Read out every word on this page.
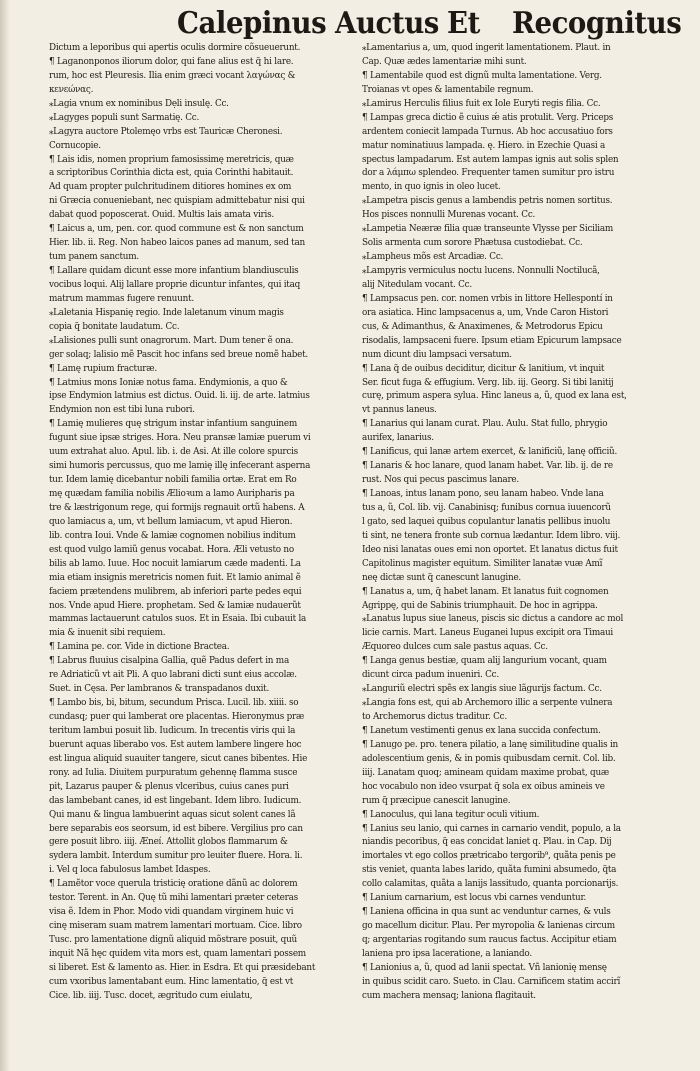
Calepinus Auctus Et Recognitus
Dictum a leporibus qui apertis oculis dormire cõsueuerunt.
¶ Laganonponos iliorum dolor, qui fane alius est q̃ hi lare.
rum, hoc est Pleuresis. Ilia enim græci vocant λαγώνας &
κενεώνας.
⁎Lagia vnum ex nominibus Dẹli insulę. Cc.
⁎Lagyges populi sunt Sarmatię. Cc.
⁎Lagyra auctore Ptolemęo vrbs est Tauricæ Cheronesi.
Cornucopie.
¶ Lais idis, nomen proprium famosissimę meretricis, quæ
a scriptoribus Corinthia dicta est, quia Corinthi habitauit.
Ad quam propter pulchritudinem ditiores homines ex om
ni Græcia conueniebant, nec quispiam admittebatur nisi qui
dabat quod poposcerat. Ouid. Multis lais amata viris.
¶ Laicus a, um, pen. cor. quod commune est & non sanctum
Hier. lib. ii. Reg. Non habeo laicos panes ad manum, sed tan
tum panem sanctum.
¶ Lallare quidam dicunt esse more infantium blandiusculis
vocibus loqui. Alij lallare proprie dicuntur infantes, qui itaq
matrum mammas fugere renuunt.
⁎Laletania Hispanię regio. Inde laletanum vinum magis
copia q̃ bonitate laudatum. Cc.
⁎Lalisiones pulli sunt onagrorum. Mart. Dum tener ẽ ona.
ger solaq; lalisio mẽ Pascit hoc infans sed breue nomẽ habet.
¶ Lamę rupium fracturæ.
¶ Latmius mons Ioniæ notus fama. Endymionis, a quo &
ipse Endymion latmius est dictus. Ouid. li. iij. de arte. latmius
Endymion non est tibi luna rubori.
¶ Lamię mulieres quę strigum instar infantium sanguinem
fugunt siue ipsæ striges. Hora. Neu pransæ lamiæ puerum vi
uum extrahat aluo. Apul. lib. i. de Asi. At ille colore spurcis
simi humoris percussus, quo me lamię illę infecerant asperna
tur. Idem lamię dicebantur nobili familia ortæ. Erat em Ro
mę quædam familia nobilis Ælioꝛum a lamo Auripharis pa
tre & læstrigonum rege, qui formijs regnauit ortũ habens. A
quo lamiacus a, um, vt bellum lamiacum, vt apud Hieron.
lib. contra Ioui. Vnde & lamiæ cognomen nobilius inditum
est quod vulgo lamiũ genus vocabat. Hora. Æli vetusto no
bilis ab lamo. Iuue. Hoc nocuit lamiarum cæde madenti. La
mia etiam insignis meretricis nomen fuit. Et lamio animal ẽ
faciem prætendens mulibrem, ab inferiori parte pedes equi
nos. Vnde apud Hiere. prophetam. Sed & lamiæ nudauerũt
mammas lactauerunt catulos suos. Et in Esaia. Ibi cubauit la
mia & inuenit sibi requiem.
¶ Lamina pe. cor. Vide in dictione Bractea.
¶ Labrus fluuius cisalpina Gallia, quẽ Padus defert in ma
re Adriaticũ vt ait Pli. A quo labrani dicti sunt eius accolæ.
Suet. in Cęsa. Per lambranos & transpadanos duxit.
¶ Lambo bis, bi, bitum, secundum Prisca. Lucil. lib. xiiii. so
cundasq; puer qui lamberat ore placentas. Hieronymus præ
teritum lambui posuit lib. Iudicum. In trecentis viris qui la
buerunt aquas liberabo vos. Est autem lambere lingere hoc
est lingua aliquid suauiter tangere, sicut canes bibentes. Hie
rony. ad Iulia. Diuitem purpuratum gehennę flamma susce
pit, Lazarus pauper & plenus vlceribus, cuius canes puri
das lambebant canes, id est lingebant. Idem libro. Iudicum.
Qui manu & lingua lambuerint aquas sicut solent canes lã
bere separabis eos seorsum, id est bibere. Vergilius pro can
gere posuit libro. iiij. Æneí. Attollit globos flammarum &
sydera lambit. Interdum sumitur pro leuiter fluere. Hora. li.
i. Vel q loca fabulosus lambet Idaspes.
¶ Lamẽtor voce querula tristicię oratione dãnũ ac dolorem
testor. Terent. in An. Quę tũ mihi lamentari præter ceteras
visa ẽ. Idem in Phor. Modo vidi quandam virginem huic vi
cinę miseram suam matrem lamentari mortuam. Cice. libro
Tusc. pro lamentatione dignũ aliquid mõstrare posuit, quũ
inquit Nã hęc quidem vita mors est, quam lamentari possem
si liberet. Est & lamento as. Hier. in Esdra. Et qui præsidebant
cum vxoribus lamentabant eum. Hinc lamentatio, q̃ est vt
Cice. lib. iiij. Tusc. docet, ægritudo cum eiulatu,
⁎Lamentarius a, um, quod ingerit lamentationem. Plaut. in
Cap. Quæ ædes lamentariæ mihi sunt.
¶ Lamentabile quod est dignũ multa lamentatione. Verg.
Troianas vt opes & lamentabile regnum.
⁎Lamirus Herculis filius fuit ex Iole Euryti regis filia. Cc.
¶ Lampas greca dictio ẽ cuius ǽ atis protulit. Verg. Priceps
ardentem coniecit lampada Turnus. Ab hoc accusatiuo fors
matur nominatiuus lampada. ę. Hiero. in Ezechie Quasi a
spectus lampadarum. Est autem lampas ignis aut solis splen
dor a λάμπω splendeo. Frequenter tamen sumitur pro istru
mento, in quo ignis in oleo lucet.
⁎Lampetra piscis genus a lambendis petris nomen sortitus.
Hos pisces nonnulli Murenas vocant. Cc.
⁎Lampetia Neæræ filia quæ transeunte Vlysse per Siciliam
Solis armenta cum sorore Phætusa custodiebat. Cc.
⁎Lampheus mõs est Arcadiæ. Cc.
⁎Lampyris vermiculus noctu lucens. Nonnulli Noctilucã,
alij Nitedulam vocant. Cc.
¶ Lampsacus pen. cor. nomen vrbis in littore Hellespontí in
ora asiatica. Hinc lampsacenus a, um, Vnde Caron Histori
cus, & Adimanthus, & Anaximenes, & Metrodorus Epicu
risodalis, lampsaceni fuere. Ipsum etiam Epicurum lampsace
num dicunt diu lampsaci versatum.
¶ Lana q̃ de ouibus deciditur, dicitur & lanitium, vt inquit
Ser. ficut fuga & effugium. Verg. lib. iij. Georg. Si tibi lanitij
curę, primum aspera sylua. Hinc laneus a, ũ, quod ex lana est,
vt pannus laneus.
¶ Lanarius qui lanam curat. Plau. Aulu. Stat fullo, phrygio
aurifex, lanarius.
¶ Lanificus, qui lanæ artem exercet, & lanificiũ, lanę officiũ.
¶ Lanaris & hoc lanare, quod lanam habet. Var. lib. ij. de re
rust. Nos qui pecus pascimus lanare.
¶ Lanoas, intus lanam pono, seu lanam habeo. Vnde lana
tus a, ũ, Col. lib. vij. Canabinisq; funibus cornua iuuencorũ
l gato, sed laquei quibus copulantur lanatis pellibus inuolu
ti sint, ne tenera fronte sub cornua lædantur. Idem libro. viij.
Ideo nisi lanatas oues emi non oportet. Et lanatus dictus fuit
Capitolinus magister equitum. Similiter lanatæ vuæ Amĩ
neę dictæ sunt q̃ canescunt lanugine.
¶ Lanatus a, um, q̃ habet lanam. Et lanatus fuit cognomen
Agrippę, qui de Sabinis triumphauit. De hoc in agrippa.
⁎Lanatus lupus siue laneus, piscis sic dictus a candore ac mol
licie carnis. Mart. Laneus Euganei lupus excipit ora Timaui
Æquoreo dulces cum sale pastus aquas. Cc.
¶ Langa genus bestiæ, quam alij langurium vocant, quam
dicunt circa padum inueniri. Cc.
⁎Languriũ electri spẽs ex langis siue lãgurijs factum. Cc.
⁎Langia fons est, qui ab Archemoro illic a serpente vulnera
to Archemorus dictus traditur. Cc.
¶ Lanetum vestimenti genus ex lana succida confectum.
¶ Lanugo pe. pro. tenera pilatio, a lanę similitudine qualis in
adolescentium genis, & in pomis quibusdam cernit. Col. lib.
iiij. Lanatam quoq; amineam quidam maxime probat, quæ
hoc vocabulo non ideo vsurpat q̃ sola ex oibus amineis ve
rum q̃ præcipue canescit lanugine.
¶ Lanoculus, qui lana tegitur oculi vitium.
¶ Lanius seu lanio, qui carnes in carnario vendit, populo, a la
niandis pecoribus, q̃ eas concidat laniet q. Plau. in Cap. Dij
imortales vt ego collos prætricabo tergorib⁹, quãta penis pe
stis veniet, quanta labes larido, quãta fumini absumedo, q̃ta
collo calamitas, quãta a lanijs lassitudo, quanta porcionarijs.
¶ Lanium carnarium, est locus vbi carnes venduntur.
¶ Laniena officina in qua sunt ac venduntur carnes, & vuls
go macellum dicitur. Plau. Per myropolia & lanienas circum
q; argentarias rogitando sum raucus factus. Accipitur etiam
laniena pro ipsa laceratione, a laniando.
¶ Lanionius a, ũ, quod ad lanii spectat. Vñ lanionię mensę
in quibus scidit caro. Sueto. in Clau. Carnificem statim accirĩ
cum machera mensaq; laniona flagitauit.
